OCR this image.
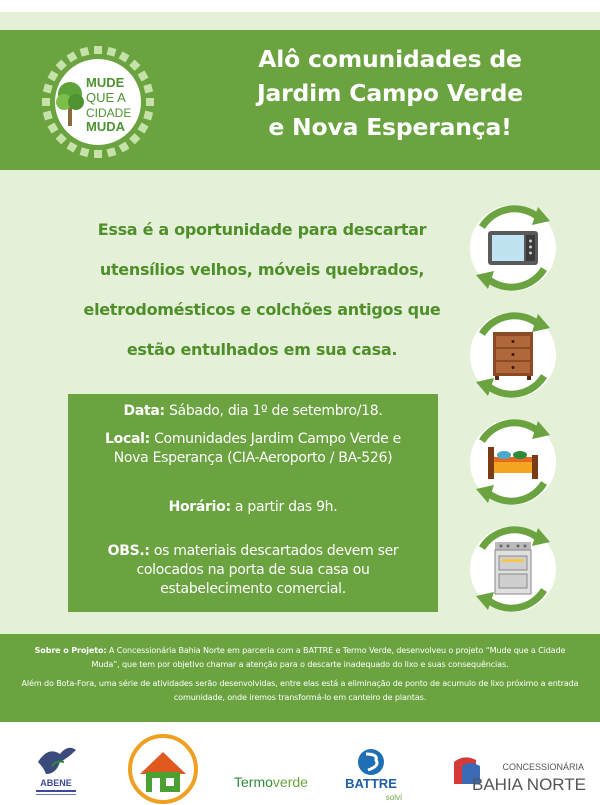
MUDE
QUE A
CIDADE
MUDA
Alô comunidades de
Jardim Campo Verde
e Nova Esperança!
Essa é a oportunidade para descartar
utensílios velhos, móveis quebrados,
eletrodomésticos e colchões antigos que
estão entulhados em sua casa.
Data: Sábado, dia 1º de setembro/18.
Local: Comunidades Jardim Campo Verde e
Nova Esperança (CIA-Aeroporto / BA-526)
Horário: a partir das 9h.
OBS.: os materiais descartados devem ser
colocados na porta de sua casa ou
estabelecimento comercial.

Sobre o Projeto: A Concessionária Bahia Norte em parceria com a BATTRE e Termo Verde, desenvolveu o projeto “Mude que a Cidade Muda”, que tem por objetivo chamar a atenção para o descarte inadequado do lixo e suas consequências.

Além do Bota-Fora, uma série de atividades serão desenvolvidas, entre elas está a eliminação de ponto de acumulo de lixo próximo a entrada comunidade, onde iremos transformá-lo em canteiro de plantas.

ABENE	Termoverde	BATTRE
solví
CONCESSIONÁRIA
BAHIA NORTE
